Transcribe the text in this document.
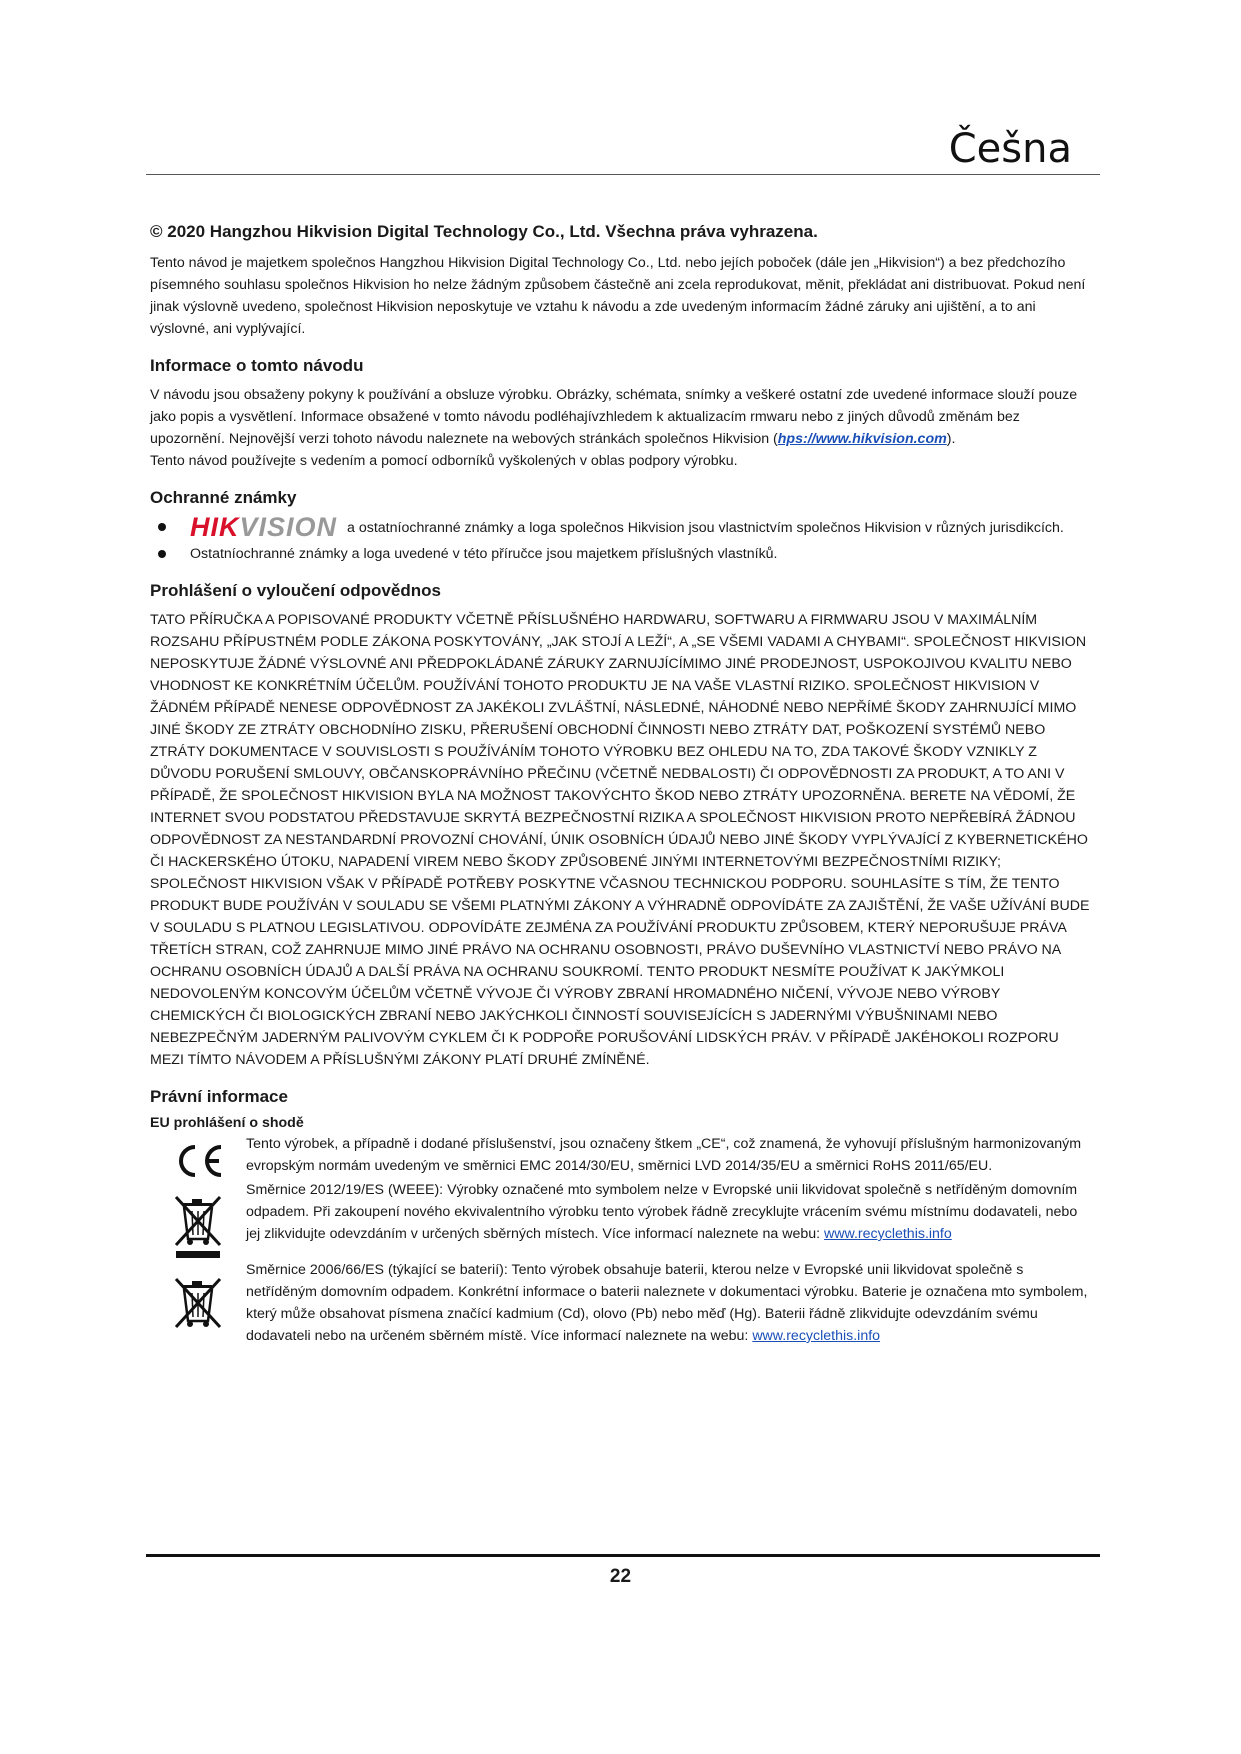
Češna

© 2020 Hangzhou Hikvision Digital Technology Co., Ltd. Všechna práva vyhrazena.

Tento návod je majetkem společnos Hangzhou Hikvision Digital Technology Co., Ltd. nebo jejích poboček (dále jen „Hikvision“) a bez předchozího písemného souhlasu společnos Hikvision ho nelze žádným způsobem částečně ani zcela reprodukovat, měnit, překládat ani distribuovat. Pokud není jinak výslovně uvedeno, společnost Hikvision neposkytuje ve vztahu k návodu a zde uvedeným informacím žádné záruky ani ujištění, a to ani výslovné, ani vyplývající.

Informace o tomto návodu

V návodu jsou obsaženy pokyny k používání a obsluze výrobku. Obrázky, schémata, snímky a veškeré ostatní zde uvedené informace slouží pouze jako popis a vysvětlení. Informace obsažené v tomto návodu podléhajívzhledem k aktualizacím rmwaru nebo z jiných důvodů změnám bez upozornění. Nejnovější verzi tohoto návodu naleznete na webových stránkách společnos Hikvision (hps://www.hikvision.com).

Tento návod používejte s vedením a pomocí odborníků vyškolených v oblas podpory výrobku.

Ochranné známky
HIKVISION a ostatníochranné známky a loga společnos Hikvision jsou vlastnictvím společnos Hikvision v různých jurisdikcích.
Ostatníochranné známky a loga uvedené v této příručce jsou majetkem příslušných vlastníků.
Prohlášení o vyloučení odpovědnos

TATO PŘÍRUČKA A POPISOVANÉ PRODUKTY VČETNĚ PŘÍSLUŠNÉHO HARDWARU, SOFTWARU A FIRMWARU JSOU V MAXIMÁLNÍM ROZSAHU PŘÍPUSTNÉM PODLE ZÁKONA POSKYTOVÁNY, „JAK STOJÍ A LEŽÍ“, A „SE VŠEMI VADAMI A CHYBAMI“. SPOLEČNOST HIKVISION NEPOSKYTUJE ŽÁDNÉ VÝSLOVNÉ ANI PŘEDPOKLÁDANÉ ZÁRUKY ZARNUJÍCÍMIMO JINÉ PRODEJNOST, USPOKOJIVOU KVALITU NEBO VHODNOST KE KONKRÉTNÍM ÚČELŮM. POUŽÍVÁNÍ TOHOTO PRODUKTU JE NA VAŠE VLASTNÍ RIZIKO. SPOLEČNOST HIKVISION V ŽÁDNÉM PŘÍPADĚ NENESE ODPOVĚDNOST ZA JAKÉKOLI ZVLÁŠTNÍ, NÁSLEDNÉ, NÁHODNÉ NEBO NEPŘÍMÉ ŠKODY ZAHRNUJÍCÍ MIMO JINÉ ŠKODY ZE ZTRÁTY OBCHODNÍHO ZISKU, PŘERUŠENÍ OBCHODNÍ ČINNOSTI NEBO ZTRÁTY DAT, POŠKOZENÍ SYSTÉMŮ NEBO ZTRÁTY DOKUMENTACE V SOUVISLOSTI S POUŽÍVÁNÍM TOHOTO VÝROBKU BEZ OHLEDU NA TO, ZDA TAKOVÉ ŠKODY VZNIKLY Z DŮVODU PORUŠENÍ SMLOUVY, OBČANSKOPRÁVNÍHO PŘEČINU (VČETNĚ NEDBALOSTI) ČI ODPOVĚDNOSTI ZA PRODUKT, A TO ANI V PŘÍPADĚ, ŽE SPOLEČNOST HIKVISION BYLA NA MOŽNOST TAKOVÝCHTO ŠKOD NEBO ZTRÁTY UPOZORNĚNA. BERETE NA VĚDOMÍ, ŽE INTERNET SVOU PODSTATOU PŘEDSTAVUJE SKRYTÁ BEZPEČNOSTNÍ RIZIKA A SPOLEČNOST HIKVISION PROTO NEPŘEBÍRÁ ŽÁDNOU ODPOVĚDNOST ZA NESTANDARDNÍ PROVOZNÍ CHOVÁNÍ, ÚNIK OSOBNÍCH ÚDAJŮ NEBO JINÉ ŠKODY VYPLÝVAJÍCÍ Z KYBERNETICKÉHO ČI HACKERSKÉHO ÚTOKU, NAPADENÍ VIREM NEBO ŠKODY ZPŮSOBENÉ JINÝMI INTERNETOVÝMI BEZPEČNOSTNÍMI RIZIKY; SPOLEČNOST HIKVISION VŠAK V PŘÍPADĚ POTŘEBY POSKYTNE VČASNOU TECHNICKOU PODPORU. SOUHLASÍTE S TÍM, ŽE TENTO PRODUKT BUDE POUŽÍVÁN V SOULADU SE VŠEMI PLATNÝMI ZÁKONY A VÝHRADNĚ ODPOVÍDÁTE ZA ZAJIŠTĚNÍ, ŽE VAŠE UŽÍVÁNÍ BUDE V SOULADU S PLATNOU LEGISLATIVOU. ODPOVÍDÁTE ZEJMÉNA ZA POUŽÍVÁNÍ PRODUKTU ZPŮSOBEM, KTERÝ NEPORUŠUJE PRÁVA TŘETÍCH STRAN, COŽ ZAHRNUJE MIMO JINÉ PRÁVO NA OCHRANU OSOBNOSTI, PRÁVO DUŠEVNÍHO VLASTNICTVÍ NEBO PRÁVO NA OCHRANU OSOBNÍCH ÚDAJŮ A DALŠÍ PRÁVA NA OCHRANU SOUKROMÍ. TENTO PRODUKT NESMÍTE POUŽÍVAT K JAKÝMKOLI NEDOVOLENÝM KONCOVÝM ÚČELŮM VČETNĚ VÝVOJE ČI VÝROBY ZBRANÍ HROMADNÉHO NIČENÍ, VÝVOJE NEBO VÝROBY CHEMICKÝCH ČI BIOLOGICKÝCH ZBRANÍ NEBO JAKÝCHKOLI ČINNOSTÍ SOUVISEJÍCÍCH S JADERNÝMI VÝBUŠNINAMI NEBO NEBEZPEČNÝM JADERNÝM PALIVOVÝM CYKLEM ČI K PODPOŘE PORUŠOVÁNÍ LIDSKÝCH PRÁV. V PŘÍPADĚ JAKÉHOKOLI ROZPORU MEZI TÍMTO NÁVODEM A PŘÍSLUŠNÝMI ZÁKONY PLATÍ DRUHÉ ZMÍNĚNÉ.

Právní informace
EU prohlášení o shodě
Tento výrobek, a případně i dodané příslušenství, jsou označeny štkem „CE“, což znamená, že vyhovují příslušným harmonizovaným evropským normám uvedeným ve směrnici EMC 2014/30/EU, směrnici LVD 2014/35/EU a směrnici RoHS 2011/65/EU.
Směrnice 2012/19/ES (WEEE): Výrobky označené mto symbolem nelze v Evropské unii likvidovat společně s netříděným domovním odpadem. Při zakoupení nového ekvivalentního výrobku tento výrobek řádně zrecyklujte vrácením svému místnímu dodavateli, nebo jej zlikvidujte odevzdáním v určených sběrných místech. Více informací naleznete na webu: www.recyclethis.info
Směrnice 2006/66/ES (týkající se baterií): Tento výrobek obsahuje baterii, kterou nelze v Evropské unii likvidovat společně s netříděným domovním odpadem. Konkrétní informace o baterii naleznete v dokumentaci výrobku. Baterie je označena mto symbolem, který může obsahovat písmena značící kadmium (Cd), olovo (Pb) nebo měď (Hg). Baterii řádně zlikvidujte odevzdáním svému dodavateli nebo na určeném sběrném místě. Více informací naleznete na webu: www.recyclethis.info
22
